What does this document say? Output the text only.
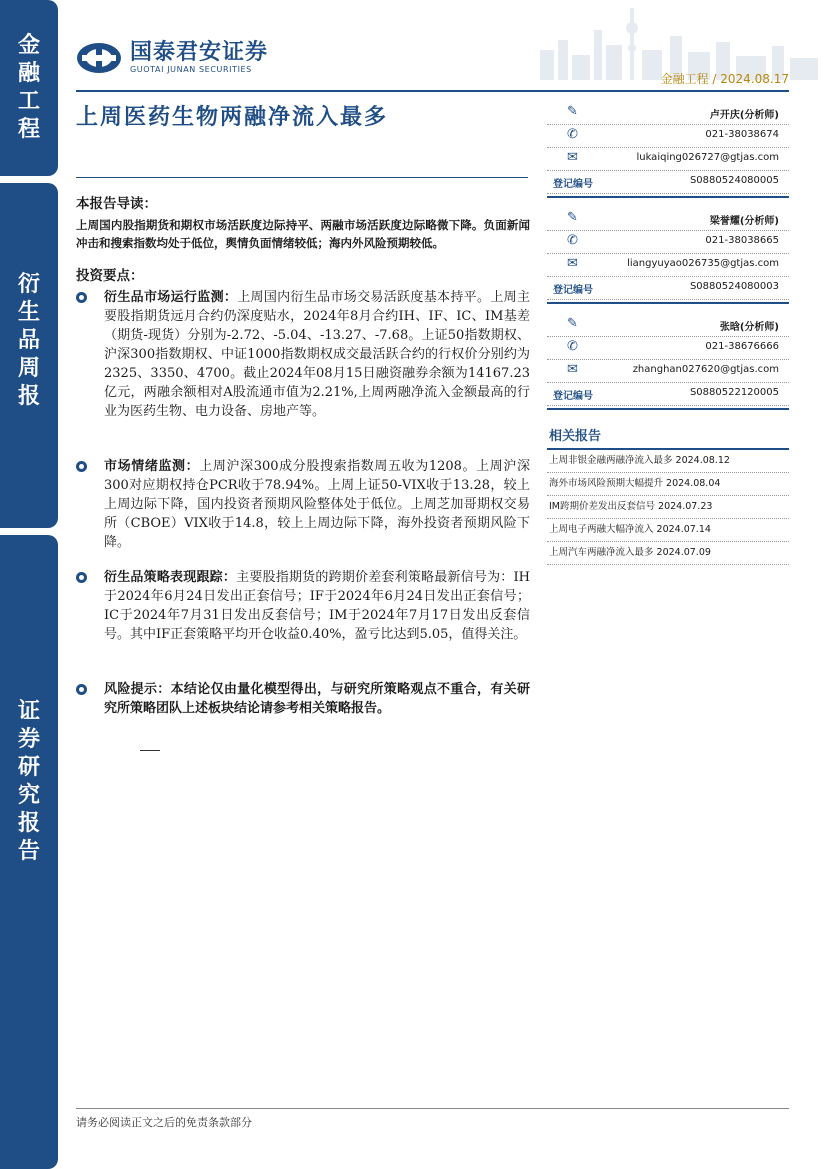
金
融
工
程
衍
生
品
周
报
证
券
研
究
报
告
国泰君安证券
GUOTAI JUNAN SECURITIES
金融工程 / 2024.08.17
上周医药生物两融净流入最多
本报告导读：
上周国内股指期货和期权市场活跃度边际持平、两融市场活跃度边际略微下降。负面新闻冲击和搜索指数均处于低位，舆情负面情绪较低；海内外风险预期较低。
投资要点：
衍生品市场运行监测：上周国内衍生品市场交易活跃度基本持平。上周主要股指期货远月合约仍深度贴水，2024年8月合约IH、IF、IC、IM基差（期货-现货）分别为-2.72、-5.04、-13.27、-7.68。上证50指数期权、沪深300指数期权、中证1000指数期权成交最活跃合约的行权价分别约为2325、3350、4700。截止2024年08月15日融资融券余额为14167.23亿元，两融余额相对A股流通市值为2.21%,上周两融净流入金额最高的行业为医药生物、电力设备、房地产等。
市场情绪监测：上周沪深300成分股搜索指数周五收为1208。上周沪深300对应期权持仓PCR收于78.94%。上周上证50-VIX收于13.28，较上上周边际下降，国内投资者预期风险整体处于低位。上周芝加哥期权交易所（CBOE）VIX收于14.8，较上上周边际下降，海外投资者预期风险下降。
衍生品策略表现跟踪：主要股指期货的跨期价差套利策略最新信号为：IH于2024年6月24日发出正套信号；IF于2024年6月24日发出正套信号；IC于2024年7月31日发出反套信号；IM于2024年7月17日发出反套信号。其中IF正套策略平均开仓收益0.40%，盈亏比达到5.05，值得关注。
风险提示：本结论仅由量化模型得出，与研究所策略观点不重合，有关研究所策略团队上述板块结论请参考相关策略报告。
✎	卢开庆(分析师)
✆	021-38038674
✉	lukaiqing026727@gtjas.com
登记编号	S0880524080005
✎	梁誉耀(分析师)
✆	021-38038665
✉	liangyuyao026735@gtjas.com
登记编号	S0880524080003
✎	张晗(分析师)
✆	021-38676666
✉	zhanghan027620@gtjas.com
登记编号	S0880522120005
相关报告
上周非银金融两融净流入最多 2024.08.12
海外市场风险预期大幅提升 2024.08.04
IM跨期价差发出反套信号 2024.07.23
上周电子两融大幅净流入 2024.07.14
上周汽车两融净流入最多 2024.07.09
请务必阅读正文之后的免责条款部分
